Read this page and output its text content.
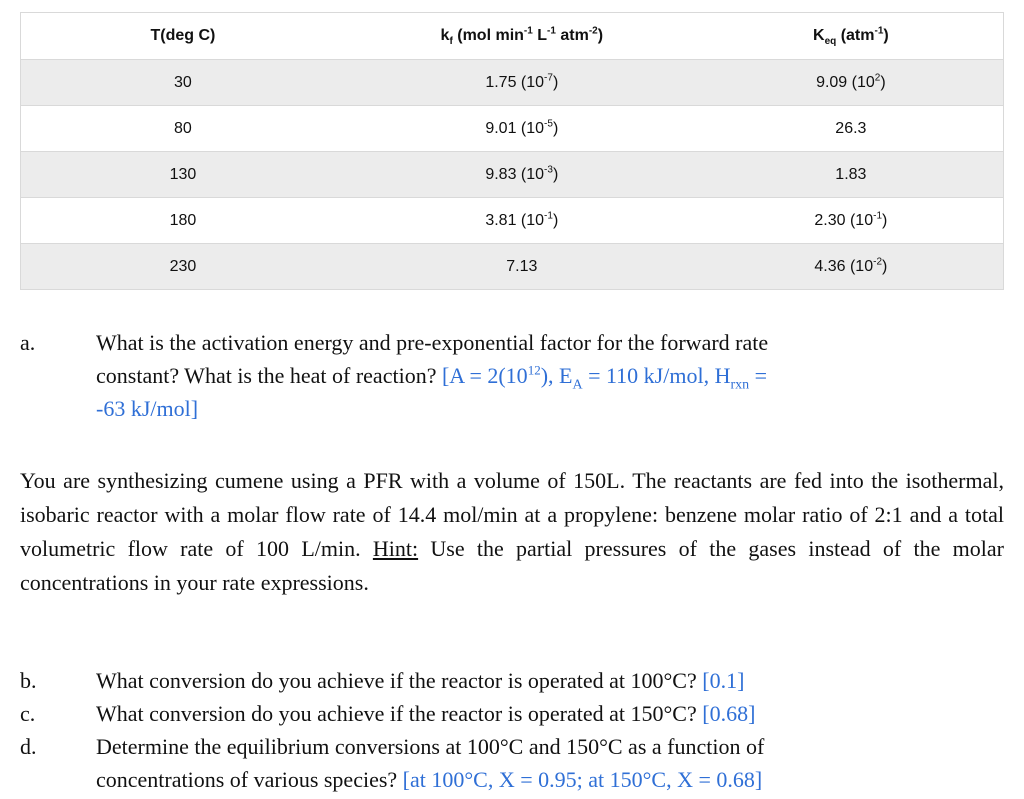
T(deg C)	$k_f$ (mol $\min^{-1} L^{-1}$ atm$^{-2}$)	$K_{eq}$ (atm$^{-1}$)
30	1.75 $(10^{-7})$	9.09 $(10^2)$
80	9.01 $(10^{-5})$	26.3
130	9.83 $(10^{-3})$	1.83
180	3.81 $(10^{-1})$	2.30 $(10^{-1})$
230	7.13	4.36 $(10^{-2})$
a.	What is the activation energy and pre-exponential factor for the forward rate
constant? What is the heat of reaction? [$A = 2(10^{12})$, $E_A = 110$ kJ/mol, $H_{rxn}$ =
-63 kJ/mol]
You are synthesizing cumene using a PFR with a volume of 150L. The reactants are fed into the isothermal, isobaric reactor with a molar flow rate of 14.4 mol/min at a propylene: benzene molar ratio of 2:1 and a total volumetric flow rate of 100 L/min. Hint: Use the partial pressures of the gases instead of the molar concentrations in your rate expressions.
b.	What conversion do you achieve if the reactor is operated at 100°C? [0.1]
c.	What conversion do you achieve if the reactor is operated at 150°C? [0.68]
d.	Determine the equilibrium conversions at 100°C and 150°C as a function of
concentrations of various species? [at 100°C, X = 0.95; at 150°C, X = 0.68]
